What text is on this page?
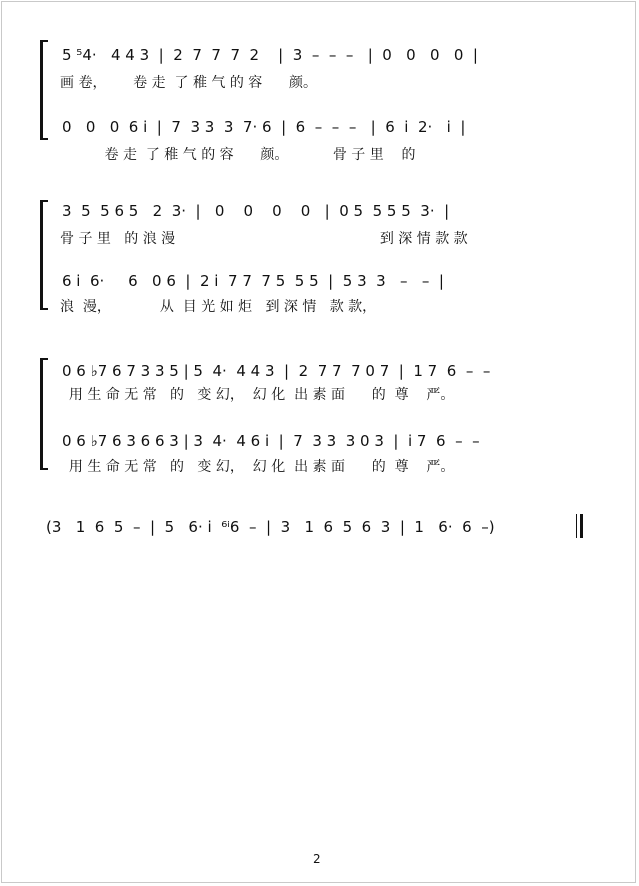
5 ⁵4·   4 4 3  |  2  7  7  7  2    |  3  –  –  –   |  0   0   0   0  |
画 卷，      卷 走  了 稚 气 的 容      颜。
0   0   0  6 i  |  7  3 3  3  7· 6  |  6  –  –  –   |  6  i  2·   i  |
卷 走  了 稚 气 的 容      颜。          骨 子 里    的
3  5  5 6 5   2  3·  |   0    0    0    0   |  0 5  5 5 5  3·  |
骨 子 里   的 浪 漫                                              到 深 情 款 款
6 i  6·     6   0 6  |  2 i  7 7  7 5  5 5  |  5 3  3   –   –  |
浪  漫，           从  目 光 如 炬   到 深 情   款 款，
0 6 ♭7 6 7 3 3 5 | 5  4·  4 4 3  |  2  7 7  7 0 7  |  1 7  6  –  –
用 生 命 无 常   的   变 幻，  幻 化  出 素 面      的  尊    严。
0 6 ♭7 6 3 6 6 3 | 3  4·  4 6 i  |  7  3 3  3 0 3  |  i 7  6  –  –
用 生 命 无 常   的   变 幻，  幻 化  出 素 面      的  尊    严。
(3   1  6  5  –  |  5   6· i  ⁶ⁱ6  –  |  3   1  6  5  6  3  |  1   6·  6  –)
2
